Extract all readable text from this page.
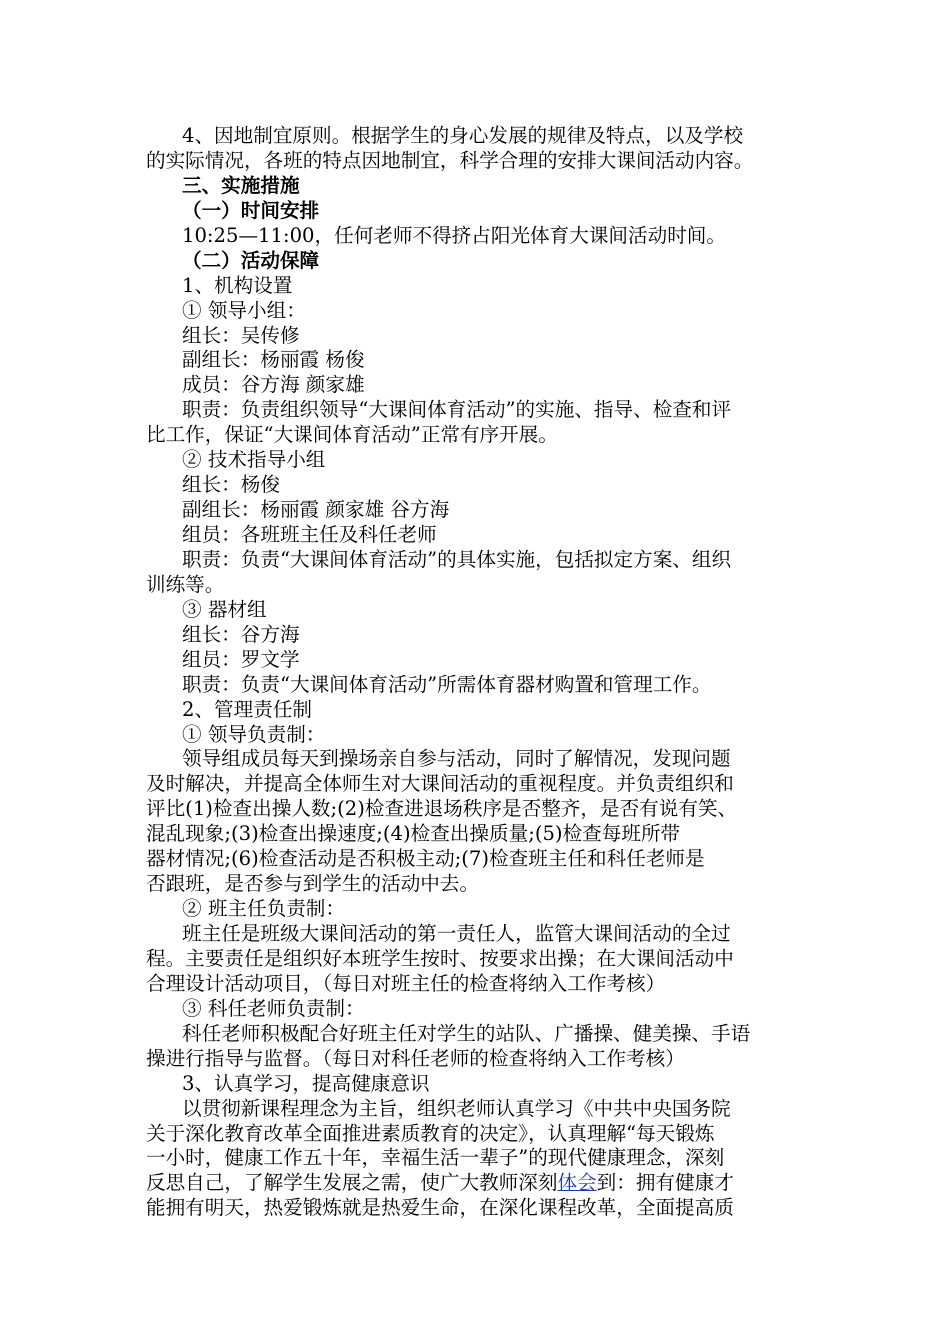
4、因地制宜原则。根据学生的身心发展的规律及特点，以及学校
的实际情况，各班的特点因地制宜，科学合理的安排大课间活动内容。
三、实施措施
（一）时间安排
10:25—11:00，任何老师不得挤占阳光体育大课间活动时间。
（二）活动保障
1、机构设置
① 领导小组：
组长：吴传修
副组长：杨丽霞 杨俊
成员：谷方海 颜家雄
职责：负责组织领导“大课间体育活动”的实施、指导、检查和评
比工作，保证“大课间体育活动”正常有序开展。
② 技术指导小组
组长：杨俊
副组长：杨丽霞 颜家雄 谷方海
组员：各班班主任及科任老师
职责：负责“大课间体育活动”的具体实施，包括拟定方案、组织
训练等。
③ 器材组
组长：谷方海
组员：罗文学
职责：负责“大课间体育活动”所需体育器材购置和管理工作。
2、管理责任制
① 领导负责制：
领导组成员每天到操场亲自参与活动，同时了解情况，发现问题
及时解决，并提高全体师生对大课间活动的重视程度。并负责组织和
评比(1)检查出操人数;(2)检查进退场秩序是否整齐，是否有说有笑、
混乱现象;(3)检查出操速度;(4)检查出操质量;(5)检查每班所带
器材情况;(6)检查活动是否积极主动;(7)检查班主任和科任老师是
否跟班，是否参与到学生的活动中去。
② 班主任负责制：
班主任是班级大课间活动的第一责任人，监管大课间活动的全过
程。主要责任是组织好本班学生按时、按要求出操；在大课间活动中
合理设计活动项目，（每日对班主任的检查将纳入工作考核）
③ 科任老师负责制：
科任老师积极配合好班主任对学生的站队、广播操、健美操、手语
操进行指导与监督。（每日对科任老师的检查将纳入工作考核）
3、认真学习，提高健康意识
以贯彻新课程理念为主旨，组织老师认真学习《中共中央国务院
关于深化教育改革全面推进素质教育的决定》，认真理解“每天锻炼
一小时，健康工作五十年，幸福生活一辈子”的现代健康理念，深刻
反思自己，了解学生发展之需，使广大教师深刻体会到：拥有健康才
能拥有明天，热爱锻炼就是热爱生命，在深化课程改革，全面提高质
